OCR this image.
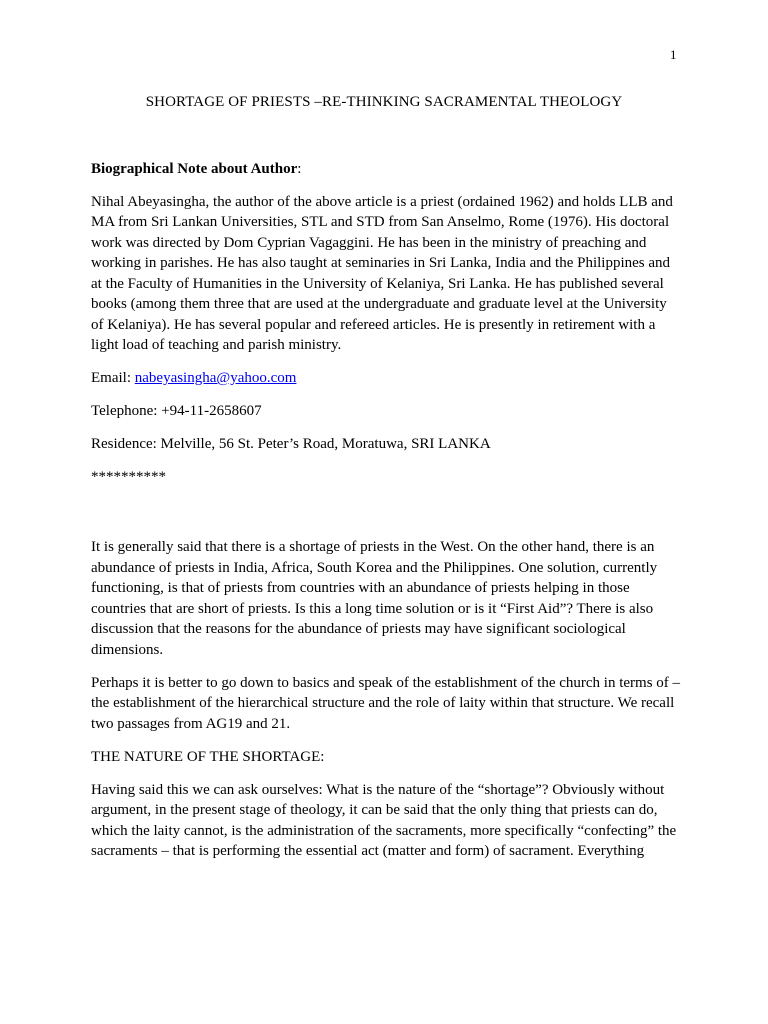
1
SHORTAGE OF PRIESTS –RE-THINKING SACRAMENTAL THEOLOGY

Biographical Note about Author:

Nihal Abeyasingha, the author of the above article is a priest (ordained 1962) and holds LLB and MA from Sri Lankan Universities, STL and STD from San Anselmo, Rome (1976). His doctoral work was directed by Dom Cyprian Vagaggini. He has been in the ministry of preaching and working in parishes. He has also taught at seminaries in Sri Lanka, India and the Philippines and at the Faculty of Humanities in the University of Kelaniya, Sri Lanka. He has published several books (among them three that are used at the undergraduate and graduate level at the University of Kelaniya). He has several popular and refereed articles. He is presently in retirement with a light load of teaching and parish ministry.

Email: nabeyasingha@yahoo.com

Telephone: +94-11-2658607

Residence: Melville, 56 St. Peter’s Road, Moratuwa, SRI LANKA

**********

It is generally said that there is a shortage of priests in the West. On the other hand, there is an abundance of priests in India, Africa, South Korea and the Philippines. One solution, currently functioning, is that of priests from countries with an abundance of priests helping in those countries that are short of priests. Is this a long time solution or is it “First Aid”? There is also discussion that the reasons for the abundance of priests may have significant sociological dimensions.

Perhaps it is better to go down to basics and speak of the establishment of the church in terms of – the establishment of the hierarchical structure and the role of laity within that structure. We recall two passages from AG19 and 21.

THE NATURE OF THE SHORTAGE:

Having said this we can ask ourselves: What is the nature of the “shortage”? Obviously without argument, in the present stage of theology, it can be said that the only thing that priests can do, which the laity cannot, is the administration of the sacraments, more specifically “confecting” the sacraments – that is performing the essential act (matter and form) of sacrament. Everything
